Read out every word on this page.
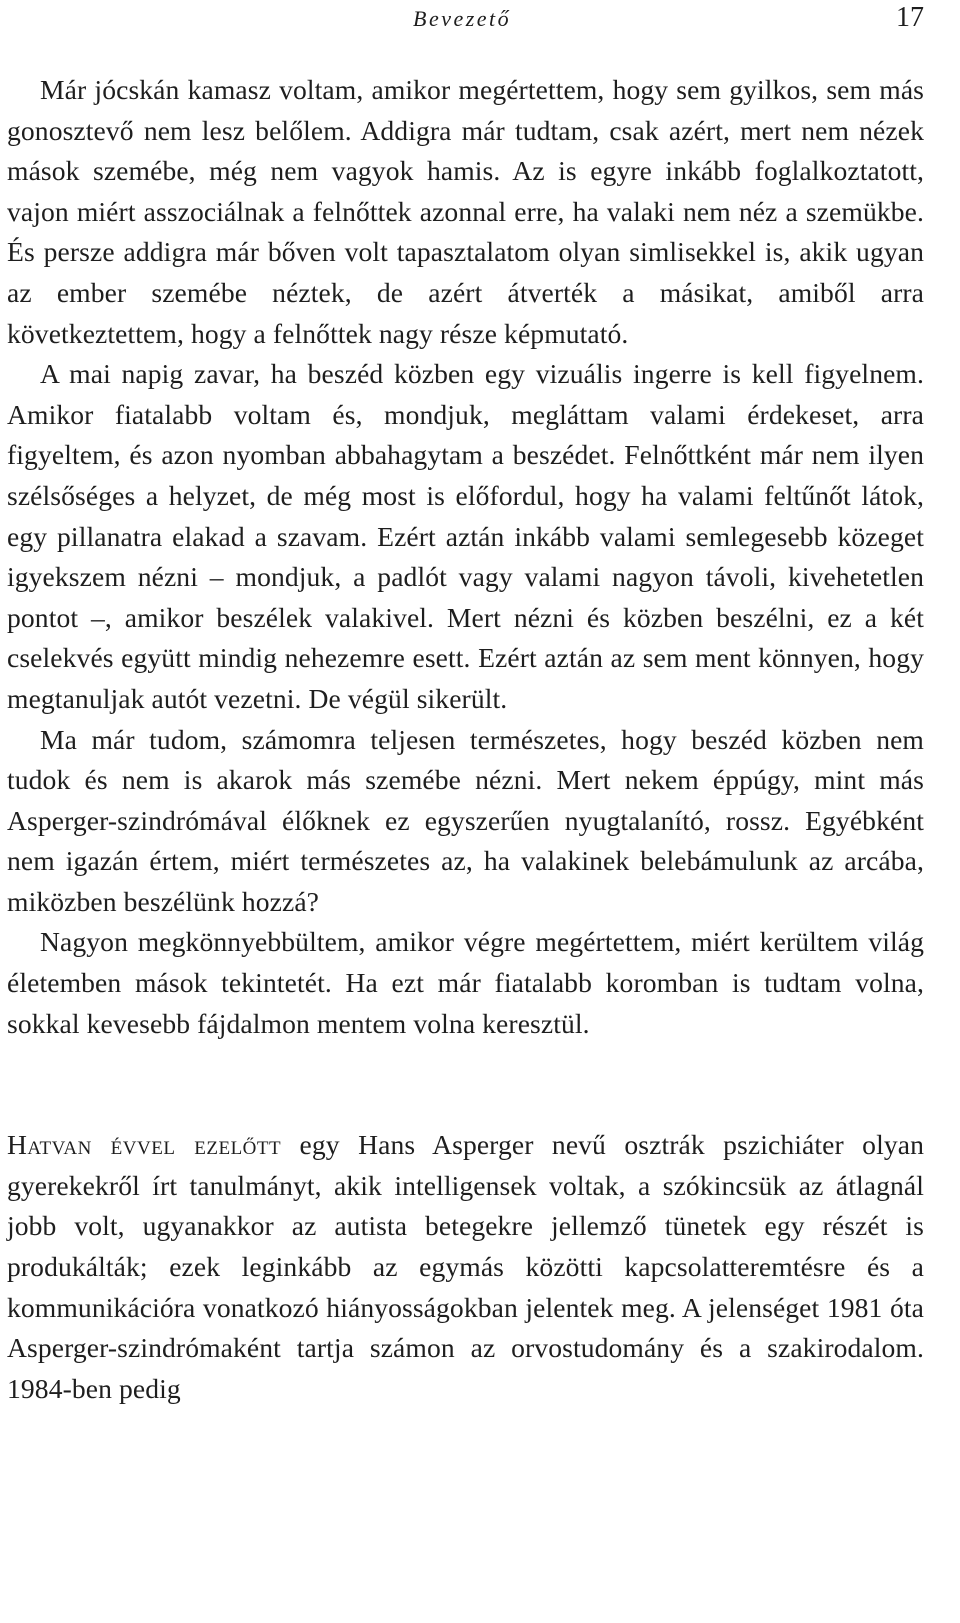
Bevezető	17

Már jócskán kamasz voltam, amikor megértettem, hogy sem gyilkos, sem más gonosztevő nem lesz belőlem. Addigra már tudtam, csak azért, mert nem nézek mások szemébe, még nem vagyok hamis. Az is egyre inkább foglalkoztatott, vajon miért asszociálnak a felnőttek azonnal erre, ha valaki nem néz a szemükbe. És persze addigra már bőven volt tapasztalatom olyan simlisekkel is, akik ugyan az ember szemébe néztek, de azért átverték a másikat, amiből arra következtettem, hogy a felnőttek nagy része képmutató.

A mai napig zavar, ha beszéd közben egy vizuális ingerre is kell figyelnem. Amikor fiatalabb voltam és, mondjuk, megláttam valami érdekeset, arra figyeltem, és azon nyomban abbahagytam a beszédet. Felnőttként már nem ilyen szélsőséges a helyzet, de még most is előfordul, hogy ha valami feltűnőt látok, egy pillanatra elakad a szavam. Ezért aztán inkább valami semlegesebb közeget igyekszem nézni – mondjuk, a padlót vagy valami nagyon távoli, kivehetetlen pontot –, amikor beszélek valakivel. Mert nézni és közben beszélni, ez a két cselekvés együtt mindig nehezemre esett. Ezért aztán az sem ment könnyen, hogy megtanuljak autót vezetni. De végül sikerült.

Ma már tudom, számomra teljesen természetes, hogy beszéd közben nem tudok és nem is akarok más szemébe nézni. Mert nekem éppúgy, mint más Asperger-szindrómával élőknek ez egyszerűen nyugtalanító, rossz. Egyébként nem igazán értem, miért természetes az, ha valakinek belebámulunk az arcába, miközben beszélünk hozzá?

Nagyon megkönnyebbültem, amikor végre megértettem, miért kerültem világ életemben mások tekintetét. Ha ezt már fiatalabb koromban is tudtam volna, sokkal kevesebb fájdalmon mentem volna keresztül.

Hatvan évvel ezelőtt egy Hans Asperger nevű osztrák pszichiáter olyan gyerekekről írt tanulmányt, akik intelligensek voltak, a szókincsük az átlagnál jobb volt, ugyanakkor az autista betegekre jellemző tünetek egy részét is produkálták; ezek leginkább az egymás közötti kapcsolatteremtésre és a kommunikációra vonatkozó hiányosságokban jelentek meg. A jelenséget 1981 óta Asperger-szindrómaként tartja számon az orvostudomány és a szakirodalom. 1984-ben pedig
